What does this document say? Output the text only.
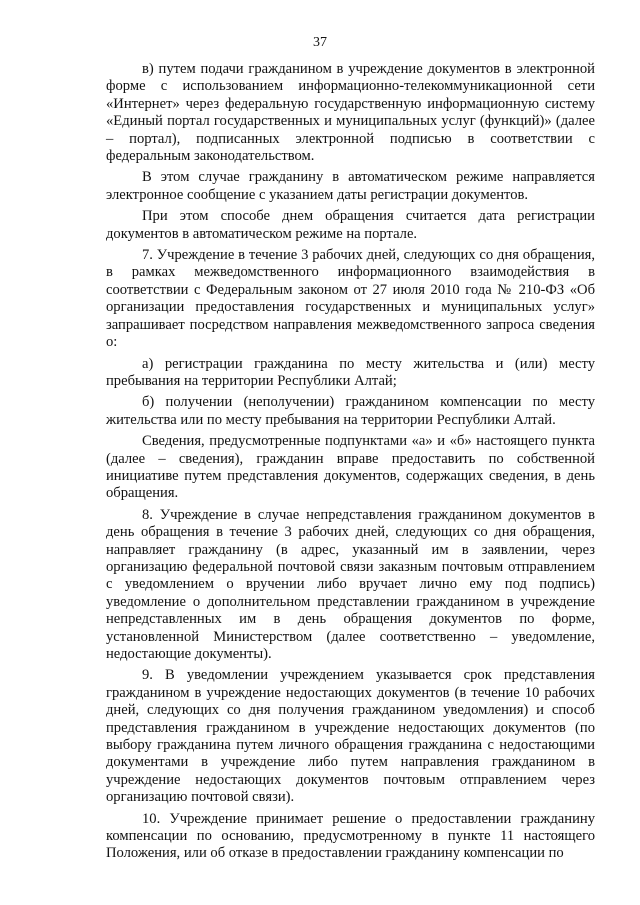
37

в) путем подачи гражданином в учреждение документов в электронной форме с использованием информационно-телекоммуникационной сети «Интернет» через федеральную государственную информационную систему «Единый портал государственных и муниципальных услуг (функций)» (далее – портал), подписанных электронной подписью в соответствии с федеральным законодательством.

В этом случае гражданину в автоматическом режиме направляется электронное сообщение с указанием даты регистрации документов.

При этом способе днем обращения считается дата регистрации документов в автоматическом режиме на портале.

7. Учреждение в течение 3 рабочих дней, следующих со дня обращения, в рамках межведомственного информационного взаимодействия в соответствии с Федеральным законом от 27 июля 2010 года № 210-ФЗ «Об организации предоставления государственных и муниципальных услуг» запрашивает посредством направления межведомственного запроса сведения о:

а) регистрации гражданина по месту жительства и (или) месту пребывания на территории Республики Алтай;

б) получении (неполучении) гражданином компенсации по месту жительства или по месту пребывания на территории Республики Алтай.

Сведения, предусмотренные подпунктами «а» и «б» настоящего пункта (далее – сведения), гражданин вправе предоставить по собственной инициативе путем представления документов, содержащих сведения, в день обращения.

8. Учреждение в случае непредставления гражданином документов в день обращения в течение 3 рабочих дней, следующих со дня обращения, направляет гражданину (в адрес, указанный им в заявлении, через организацию федеральной почтовой связи заказным почтовым отправлением с уведомлением о вручении либо вручает лично ему под подпись) уведомление о дополнительном представлении гражданином в учреждение непредставленных им в день обращения документов по форме, установленной Министерством (далее соответственно – уведомление, недостающие документы).

9. В уведомлении учреждением указывается срок представления гражданином в учреждение недостающих документов (в течение 10 рабочих дней, следующих со дня получения гражданином уведомления) и способ представления гражданином в учреждение недостающих документов (по выбору гражданина путем личного обращения гражданина с недостающими документами в учреждение либо путем направления гражданином в учреждение недостающих документов почтовым отправлением через организацию почтовой связи).

10. Учреждение принимает решение о предоставлении гражданину компенсации по основанию, предусмотренному в пункте 11 настоящего Положения, или об отказе в предоставлении гражданину компенсации по
